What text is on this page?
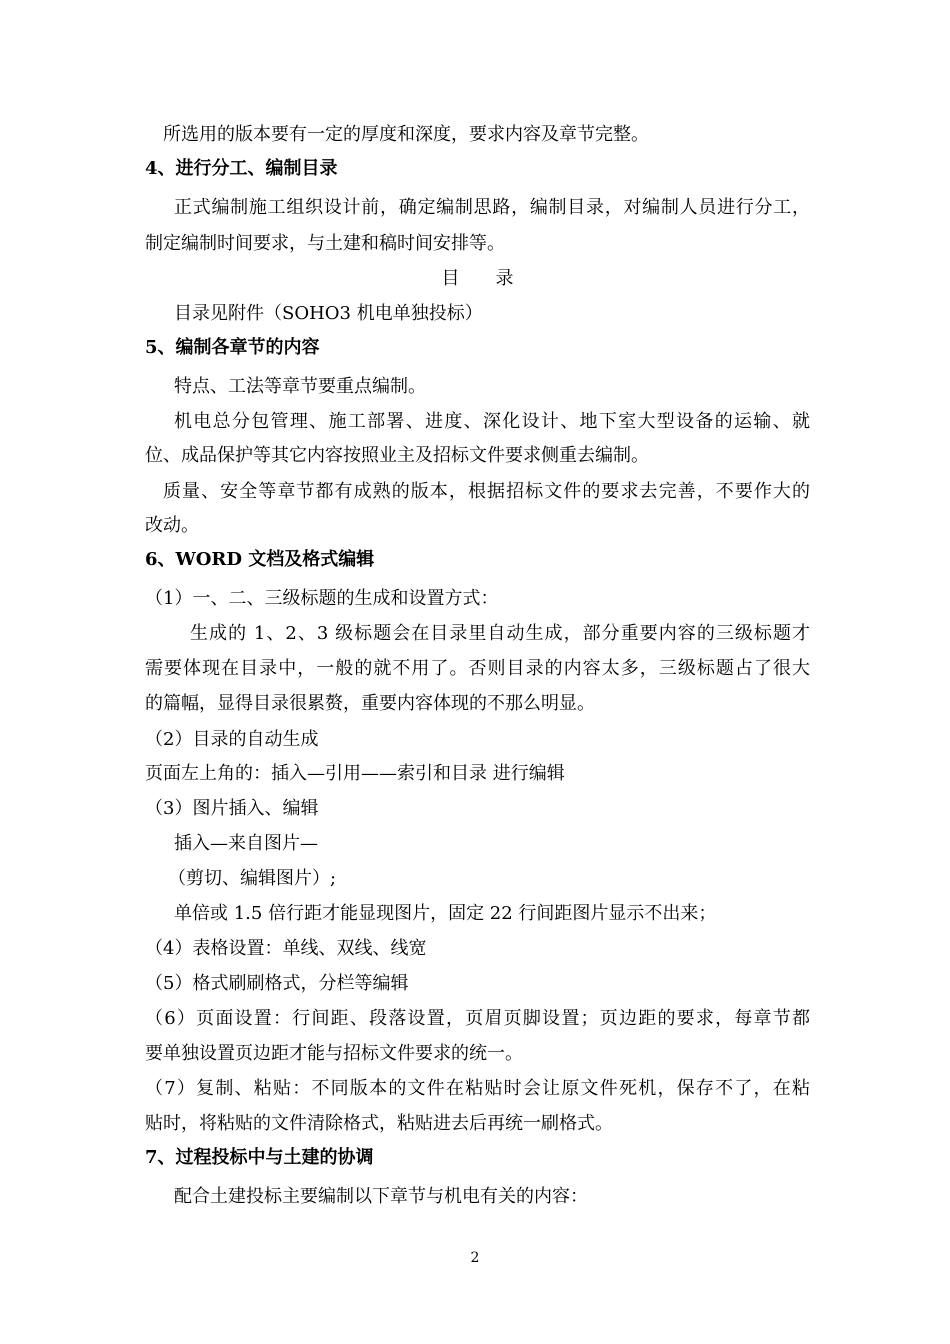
所选用的版本要有一定的厚度和深度，要求内容及章节完整。
4、进行分工、编制目录
正式编制施工组织设计前，确定编制思路，编制目录，对编制人员进行分工，
制定编制时间要求，与土建和稿时间安排等。
目　　录
目录见附件（SOHO3 机电单独投标）
5、编制各章节的内容
特点、工法等章节要重点编制。
机电总分包管理、施工部署、进度、深化设计、地下室大型设备的运输、就
位、成品保护等其它内容按照业主及招标文件要求侧重去编制。
质量、安全等章节都有成熟的版本，根据招标文件的要求去完善，不要作大的
改动。
6、WORD 文档及格式编辑
（1）一、二、三级标题的生成和设置方式：
生成的 1、2、3 级标题会在目录里自动生成，部分重要内容的三级标题才
需要体现在目录中，一般的就不用了。否则目录的内容太多，三级标题占了很大
的篇幅，显得目录很累赘，重要内容体现的不那么明显。
（2）目录的自动生成
页面左上角的：插入—引用——索引和目录 进行编辑
（3）图片插入、编辑
插入—来自图片—
（剪切、编辑图片）;
单倍或 1.5 倍行距才能显现图片，固定 22 行间距图片显示不出来；
（4）表格设置：单线、双线、线宽
（5）格式刷刷格式，分栏等编辑
（6）页面设置：行间距、段落设置，页眉页脚设置；页边距的要求，每章节都
要单独设置页边距才能与招标文件要求的统一。
（7）复制、粘贴：不同版本的文件在粘贴时会让原文件死机，保存不了，在粘
贴时，将粘贴的文件清除格式，粘贴进去后再统一刷格式。
7、过程投标中与土建的协调
配合土建投标主要编制以下章节与机电有关的内容：
2
